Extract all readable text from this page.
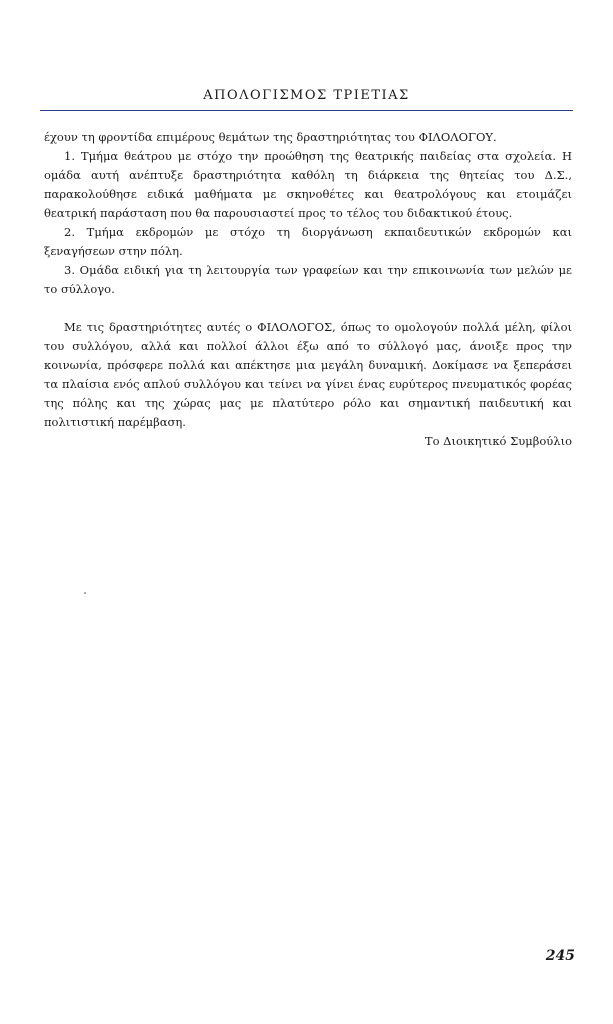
ΑΠΟΛΟΓΙΣΜΟΣ ΤΡΙΕΤΙΑΣ

έχουν τη φροντίδα επιμέρους θεμάτων της δραστηριότητας του ΦΙΛΟΛΟΓΟΥ.

1. Τμήμα θεάτρου με στόχο την προώθηση της θεατρικής παιδείας στα σχολεία. Η ομάδα αυτή ανέπτυξε δραστηριότητα καθόλη τη διάρκεια της θητείας του Δ.Σ., παρακολούθησε ειδικά μαθήματα με σκηνοθέτες και θεατρολόγους και ετοιμάζει θεατρική παράσταση που θα παρουσιαστεί προς το τέλος του διδακτικού έτους.

2. Τμήμα εκδρομών με στόχο τη διοργάνωση εκπαιδευτικών εκδρομών και ξεναγήσεων στην πόλη.

3. Ομάδα ειδική για τη λειτουργία των γραφείων και την επικοινωνία των μελών με το σύλλογο.

Με τις δραστηριότητες αυτές ο ΦΙΛΟΛΟΓΟΣ, όπως το ομολογούν πολλά μέλη, φίλοι του συλλόγου, αλλά και πολλοί άλλοι έξω από το σύλλογό μας, άνοιξε προς την κοινωνία, πρόσφερε πολλά και απέκτησε μια μεγάλη δυναμική. Δοκίμασε να ξεπεράσει τα πλαίσια ενός απλού συλλόγου και τείνει να γίνει ένας ευρύτερος πνευματικός φορέας της πόλης και της χώρας μας με πλατύτερο ρόλο και σημαντική παιδευτική και πολιτιστική παρέμβαση.

Το Διοικητικό Συμβούλιο

245
